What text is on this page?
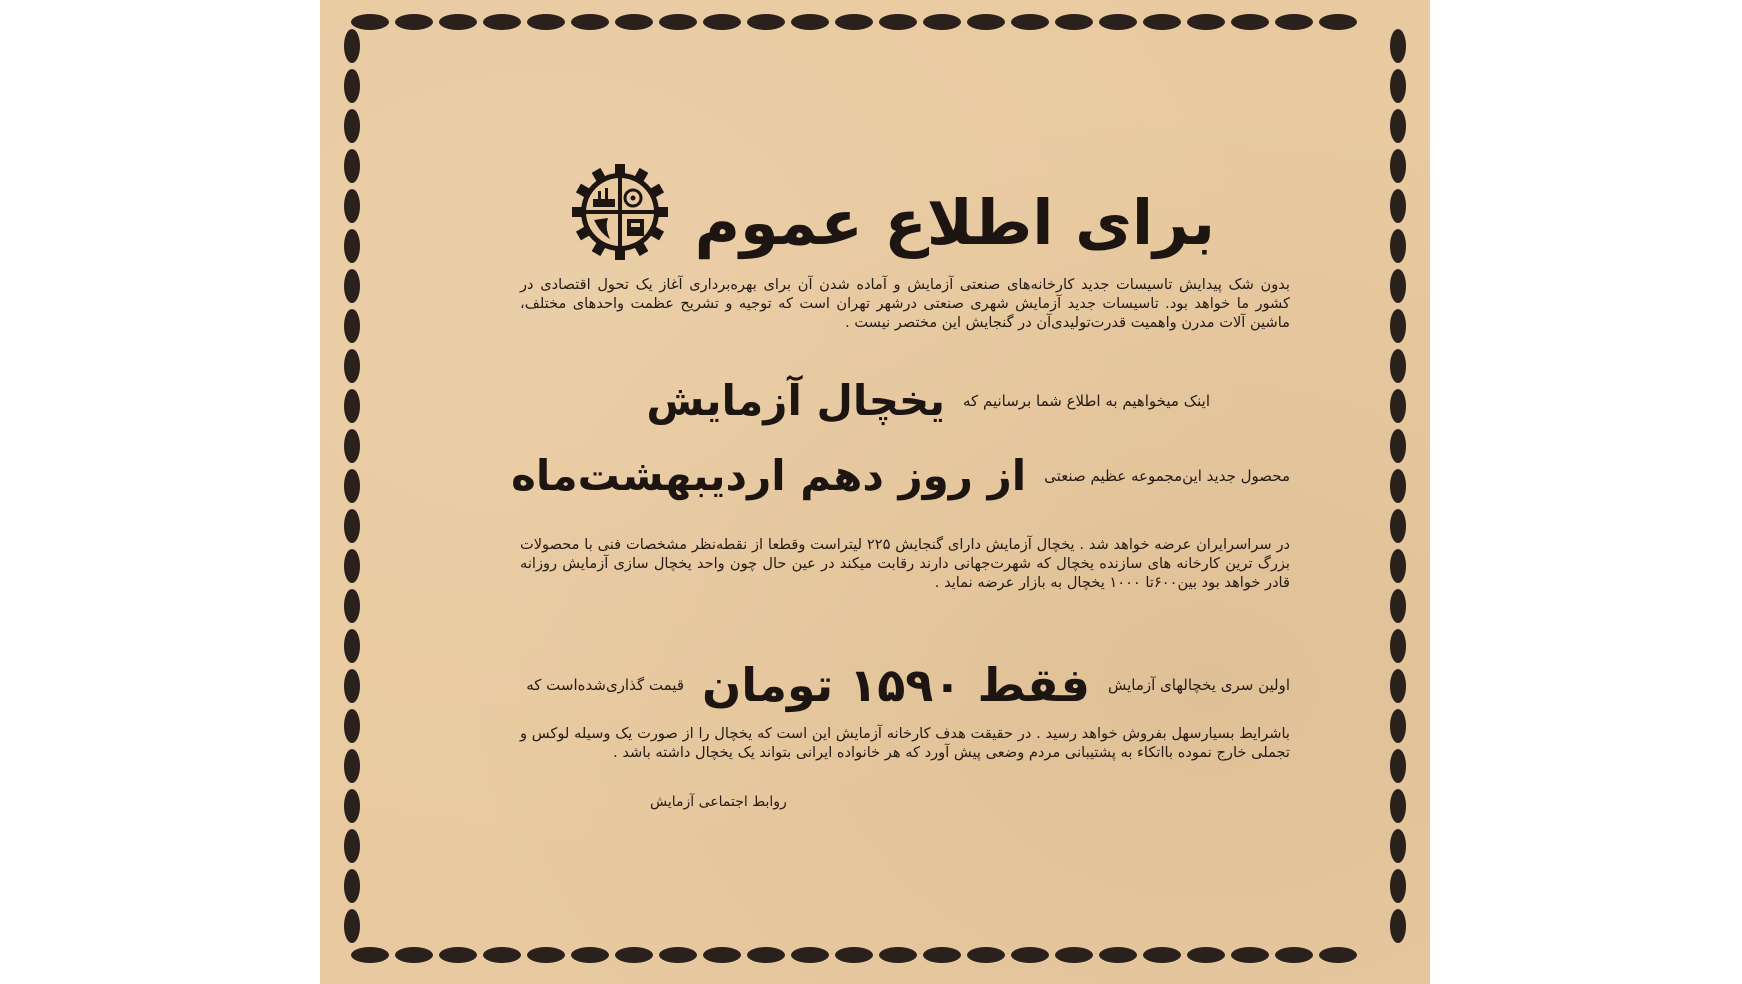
برای اطلاع عموم

بدون شک پیدایش تاسیسات جدید کارخانه‌های صنعتی آزمایش و آماده شدن آن برای بهره‌برداری آغاز یک تحول اقتصادی در کشور ما خواهد بود. تاسیسات جدید آزمایش شهری صنعتی درشهر تهران است که توجیه و تشریح عظمت واحدهای مختلف، ماشین آلات مدرن واهمیت قدرت‌تولیدی‌آن در گنجایش این مختصر نیست .

اینک میخواهیم به اطلاع شما برسانیم که
یخچال آزمایش
محصول جدید این‌مجموعه عظیم صنعتی
از روز دهم اردیبهشت‌ماه

در سراسرایران عرضه خواهد شد . یخچال آزمایش دارای گنجایش ۲۲۵ لیتراست وقطعا از نقطه‌نظر مشخصات فنی با محصولات بزرگ ترین کارخانه های سازنده یخچال که شهرت‌جهانی دارند رقابت میکند در عین حال چون واحد یخچال سازی آزمایش روزانه قادر خواهد بود بین۶۰۰تا ۱۰۰۰ یخچال به بازار عرضه نماید .

اولین سری یخچالهای آزمایش
فقط ۱۵۹۰ تومان
قیمت گذاری‌شده‌است که

باشرایط بسیارسهل بفروش خواهد رسید . در حقیقت هدف کارخانه آزمایش این است که یخچال را از صورت یک وسیله لوکس و تجملی خارج نموده بااتکاء به پشتیبانی مردم وضعی پیش آورد که هر خانواده ایرانی بتواند یک یخچال داشته باشد .

روابط اجتماعی آزمایش
